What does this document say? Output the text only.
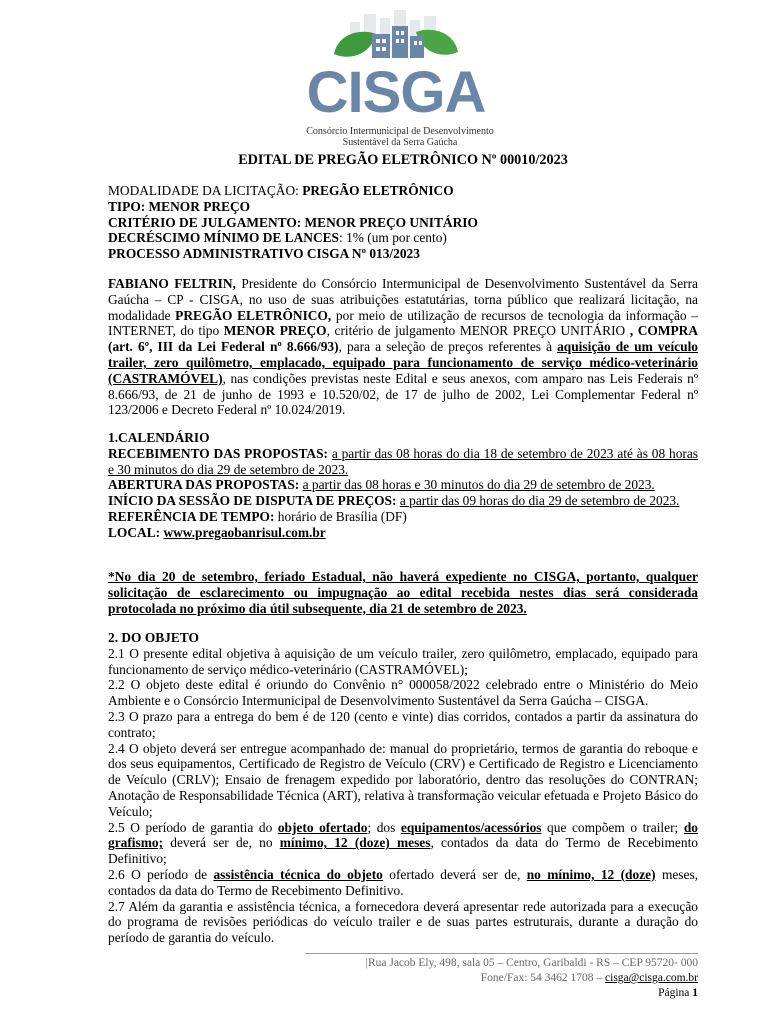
CISGA
Consórcio Intermunicipal de Desenvolvimento
Sustentável da Serra Gaúcha
EDITAL DE PREGÃO ELETRÔNICO Nº 00010/2023
MODALIDADE DA LICITAÇÃO: PREGÃO ELETRÔNICO
TIPO: MENOR PREÇO
CRITÉRIO DE JULGAMENTO: MENOR PREÇO UNITÁRIO
DECRÉSCIMO MÍNIMO DE LANCES: 1% (um por cento)
PROCESSO ADMINISTRATIVO CISGA Nº 013/2023
FABIANO FELTRIN, Presidente do Consórcio Intermunicipal de Desenvolvimento Sustentável da Serra Gaúcha – CP - CISGA, no uso de suas atribuições estatutárias, torna público que realizará licitação, na modalidade PREGÃO ELETRÔNICO, por meio de utilização de recursos de tecnologia da informação – INTERNET, do tipo MENOR PREÇO, critério de julgamento MENOR PREÇO UNITÁRIO , COMPRA (art. 6º, III da Lei Federal nº 8.666/93), para a seleção de preços referentes à aquisição de um veículo trailer, zero quilômetro, emplacado, equipado para funcionamento de serviço médico-veterinário (CASTRAMÓVEL), nas condições previstas neste Edital e seus anexos, com amparo nas Leis Federais nº 8.666/93, de 21 de junho de 1993 e 10.520/02, de 17 de julho de 2002, Lei Complementar Federal nº 123/2006 e Decreto Federal nº 10.024/2019.
1.CALENDÁRIO
RECEBIMENTO DAS PROPOSTAS: a partir das 08 horas do dia 18 de setembro de 2023 até às 08 horas e 30 minutos do dia 29 de setembro de 2023.
ABERTURA DAS PROPOSTAS: a partir das 08 horas e 30 minutos do dia 29 de setembro de 2023.
INÍCIO DA SESSÃO DE DISPUTA DE PREÇOS: a partir das 09 horas do dia 29 de setembro de 2023.
REFERÊNCIA DE TEMPO: horário de Brasília (DF)
LOCAL: www.pregaobanrisul.com.br
*No dia 20 de setembro, feriado Estadual, não haverá expediente no CISGA, portanto, qualquer solicitação de esclarecimento ou impugnação ao edital recebida nestes dias será considerada protocolada no próximo dia útil subsequente, dia 21 de setembro de 2023.
2. DO OBJETO
2.1 O presente edital objetiva à aquisição de um veículo trailer, zero quilômetro, emplacado, equipado para funcionamento de serviço médico-veterinário (CASTRAMÓVEL);
2.2 O objeto deste edital é oriundo do Convênio n° 000058/2022 celebrado entre o Ministério do Meio Ambiente e o Consórcio Intermunicipal de Desenvolvimento Sustentável da Serra Gaúcha – CISGA.
2.3 O prazo para a entrega do bem é de 120 (cento e vinte) dias corridos, contados a partir da assinatura do contrato;
2.4 O objeto deverá ser entregue acompanhado de: manual do proprietário, termos de garantia do reboque e dos seus equipamentos, Certificado de Registro de Veículo (CRV) e Certificado de Registro e Licenciamento de Veículo (CRLV); Ensaio de frenagem expedido por laboratório, dentro das resoluções do CONTRAN; Anotação de Responsabilidade Técnica (ART), relativa à transformação veicular efetuada e Projeto Básico do Veículo;
2.5 O período de garantia do objeto ofertado; dos equipamentos/acessórios que compõem o trailer; do grafismo; deverá ser de, no mínimo, 12 (doze) meses, contados da data do Termo de Recebimento Definitivo;
2.6 O período de assistência técnica do objeto ofertado deverá ser de, no mínimo, 12 (doze) meses, contados da data do Termo de Recebimento Definitivo.
2.7 Além da garantia e assistência técnica, a fornecedora deverá apresentar rede autorizada para a execução do programa de revisões periódicas do veículo trailer e de suas partes estruturais, durante a duração do período de garantia do veículo.
|Rua Jacob Ely, 498, sala 05 – Centro, Garibaldi - RS – CEP 95720- 000
Fone/Fax: 54 3462 1708 – cisga@cisga.com.br
Página 1
